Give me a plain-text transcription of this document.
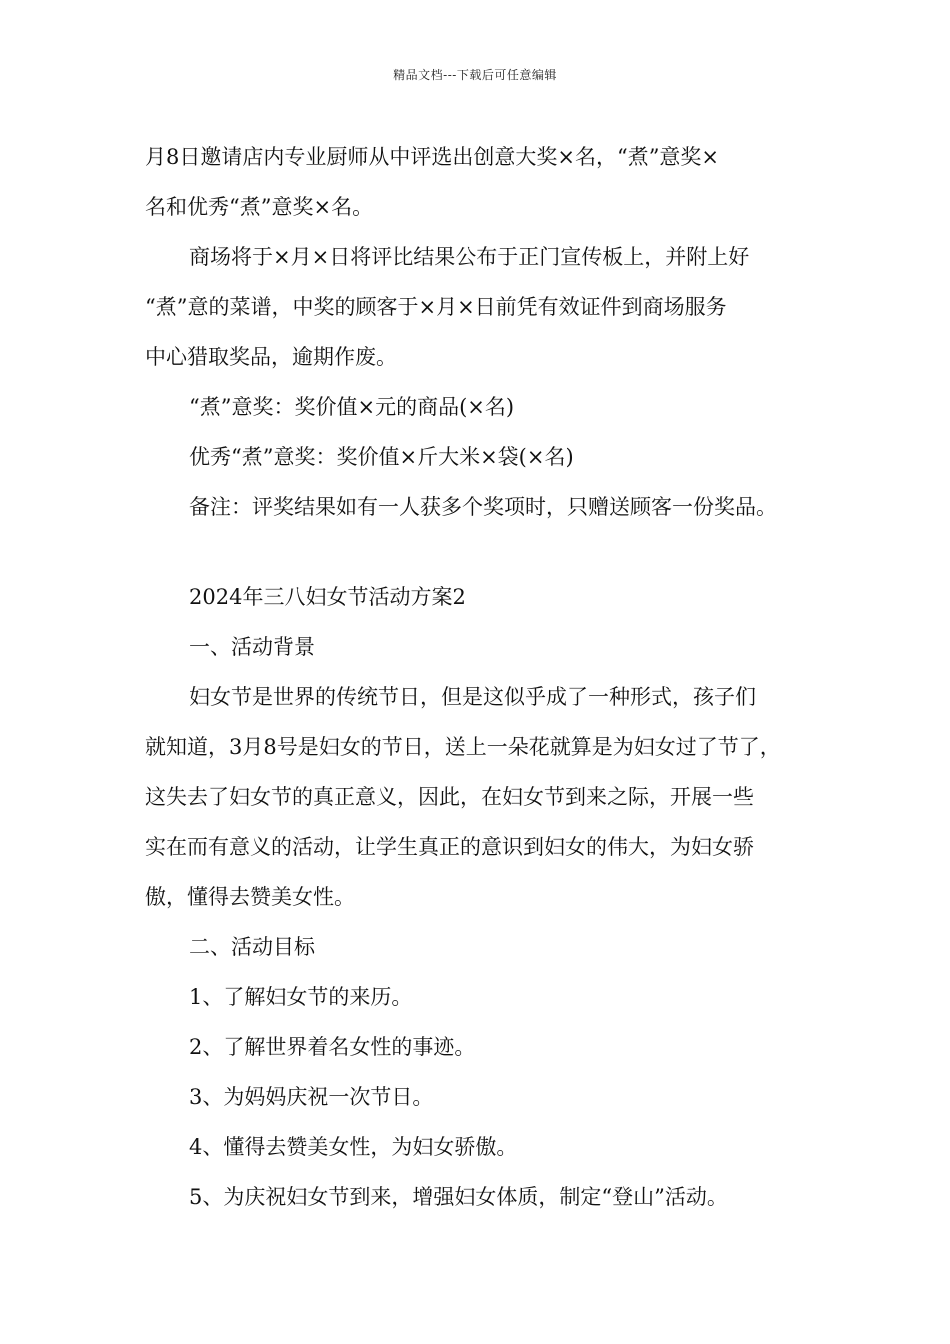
精品文档---下载后可任意编辑
月8日邀请店内专业厨师从中评选出创意大奖×名，“煮”意奖×
名和优秀“煮”意奖×名。
商场将于×月×日将评比结果公布于正门宣传板上，并附上好
“煮”意的菜谱，中奖的顾客于×月×日前凭有效证件到商场服务
中心猎取奖品，逾期作废。
“煮”意奖：奖价值×元的商品(×名)
优秀“煮”意奖：奖价值×斤大米×袋(×名)
备注：评奖结果如有一人获多个奖项时，只赠送顾客一份奖品。
2024年三八妇女节活动方案2
一、活动背景
妇女节是世界的传统节日，但是这似乎成了一种形式，孩子们
就知道，3月8号是妇女的节日，送上一朵花就算是为妇女过了节了，
这失去了妇女节的真正意义，因此，在妇女节到来之际，开展一些
实在而有意义的活动，让学生真正的意识到妇女的伟大，为妇女骄
傲，懂得去赞美女性。
二、活动目标
1、了解妇女节的来历。
2、了解世界着名女性的事迹。
3、为妈妈庆祝一次节日。
4、懂得去赞美女性，为妇女骄傲。
5、为庆祝妇女节到来，增强妇女体质，制定“登山”活动。
